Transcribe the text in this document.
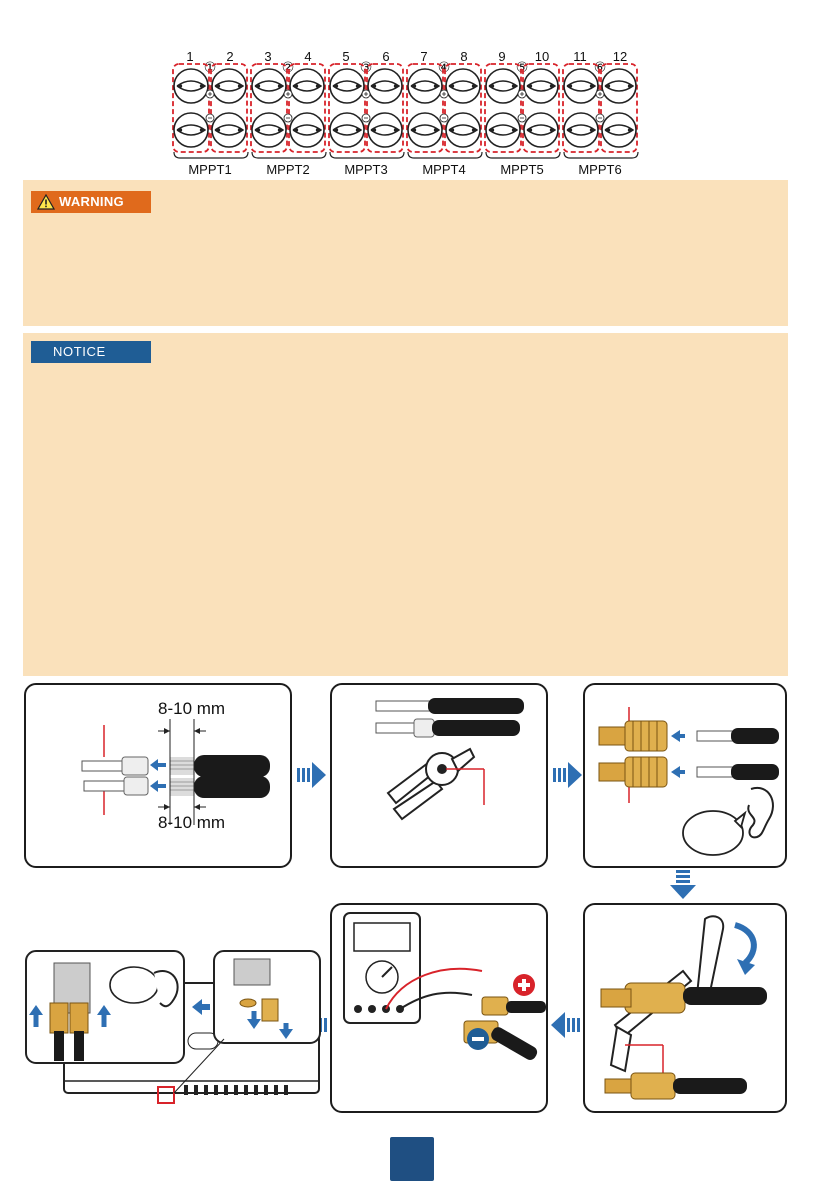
1	2
①
MPPT1
3	4
②
MPPT2
5	6
③
MPPT3
7	8
④
MPPT4
9 10
⑤
MPPT5
11 12
⑥
MPPT6
WARNING
NOTICE
8-10 mm
8-10 mm
